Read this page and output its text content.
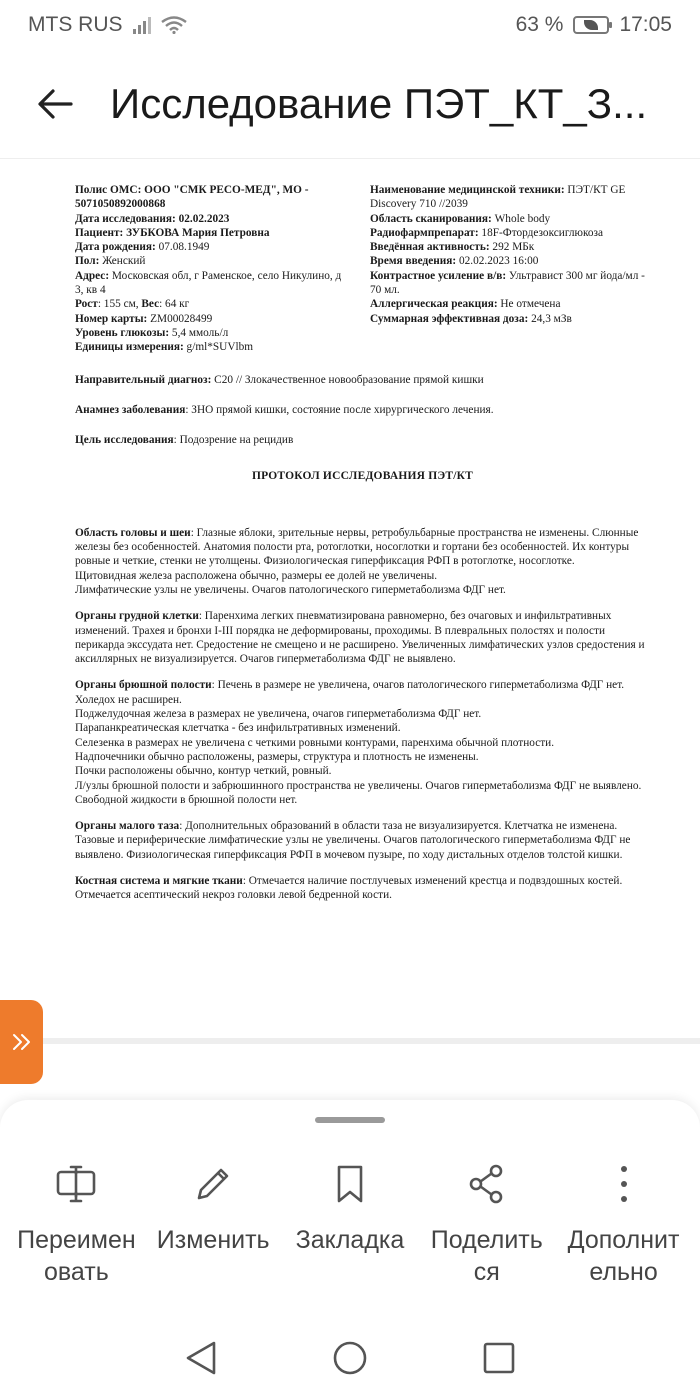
MTS RUS	63 %	17:05
Исследование ПЭТ_КТ_З...
Полис ОМС: ООО "СМК РЕСО-МЕД", МО - 5071050892000868
Дата исследования: 02.02.2023
Пациент: ЗУБКОВА Мария Петровна
Дата рождения: 07.08.1949
Пол: Женский
Адрес: Московская обл, г Раменское, село Никулино, д 3, кв 4
Рост: 155 см, Вес: 64 кг
Номер карты: ZM00028499
Уровень глюкозы: 5,4 ммоль/л
Единицы измерения: g/ml*SUVlbm
Наименование медицинской техники: ПЭТ/КТ GE Discovery 710 //2039
Область сканирования: Whole body
Радиофармпрепарат: 18F-Фтордезоксиглюкоза
Введённая активность: 292 МБк
Время введения: 02.02.2023 16:00
Контрастное усиление в/в: Ультравист 300 мг йода/мл - 70 мл.
Аллергическая реакция: Не отмечена
Суммарная эффективная доза: 24,3 мЗв
Направительный диагноз: C20 // Злокачественное новообразование прямой кишки
Анамнез заболевания: ЗНО прямой кишки, состояние после хирургического лечения.
Цель исследования: Подозрение на рецидив
ПРОТОКОЛ ИССЛЕДОВАНИЯ ПЭТ/КТ
Область головы и шеи: Глазные яблоки, зрительные нервы, ретробульбарные пространства не изменены. Слюнные железы без особенностей. Анатомия полости рта, ротоглотки, носоглотки и гортани без особенностей. Их контуры ровные и четкие, стенки не утолщены. Физиологическая гиперфиксация РФП в ротоглотке, носоглотке.
Щитовидная железа расположена обычно, размеры ее долей не увеличены.
Лимфатические узлы не увеличены. Очагов патологического гиперметаболизма ФДГ нет.
Органы грудной клетки: Паренхима легких пневматизирована равномерно, без очаговых и инфильтративных изменений. Трахея и бронхи I-III порядка не деформированы, проходимы. В плевральных полостях и полости перикарда экссудата нет. Средостение не смещено и не расширено. Увеличенных лимфатических узлов средостения и аксиллярных не визуализируется. Очагов гиперметаболизма ФДГ не выявлено.
Органы брюшной полости: Печень в размере не увеличена, очагов патологического гиперметаболизма ФДГ нет. Холедох не расширен.
Поджелудочная железа в размерах не увеличена, очагов гиперметаболизма ФДГ нет.
Парапанкреатическая клетчатка - без инфильтративных изменений.
Селезенка в размерах не увеличена с четкими ровными контурами, паренхима обычной плотности.
Надпочечники обычно расположены, размеры, структура и плотность не изменены.
Почки расположены обычно, контур четкий, ровный.
Л/узлы брюшной полости и забрюшинного пространства не увеличены. Очагов гиперметаболизма ФДГ не выявлено.
Свободной жидкости в брюшной полости нет.
Органы малого таза: Дополнительных образований в области таза не визуализируется. Клетчатка не изменена. Тазовые и периферические лимфатические узлы не увеличены. Очагов патологического гиперметаболизма ФДГ не выявлено. Физиологическая гиперфиксация РФП в мочевом пузыре, по ходу дистальных отделов толстой кишки.
Костная система и мягкие ткани: Отмечается наличие постлучевых изменений крестца и подвздошных костей. Отмечается асептический некроз головки левой бедренной кости.
Переименовать
Изменить Закладка Поделиться
Дополнительно
